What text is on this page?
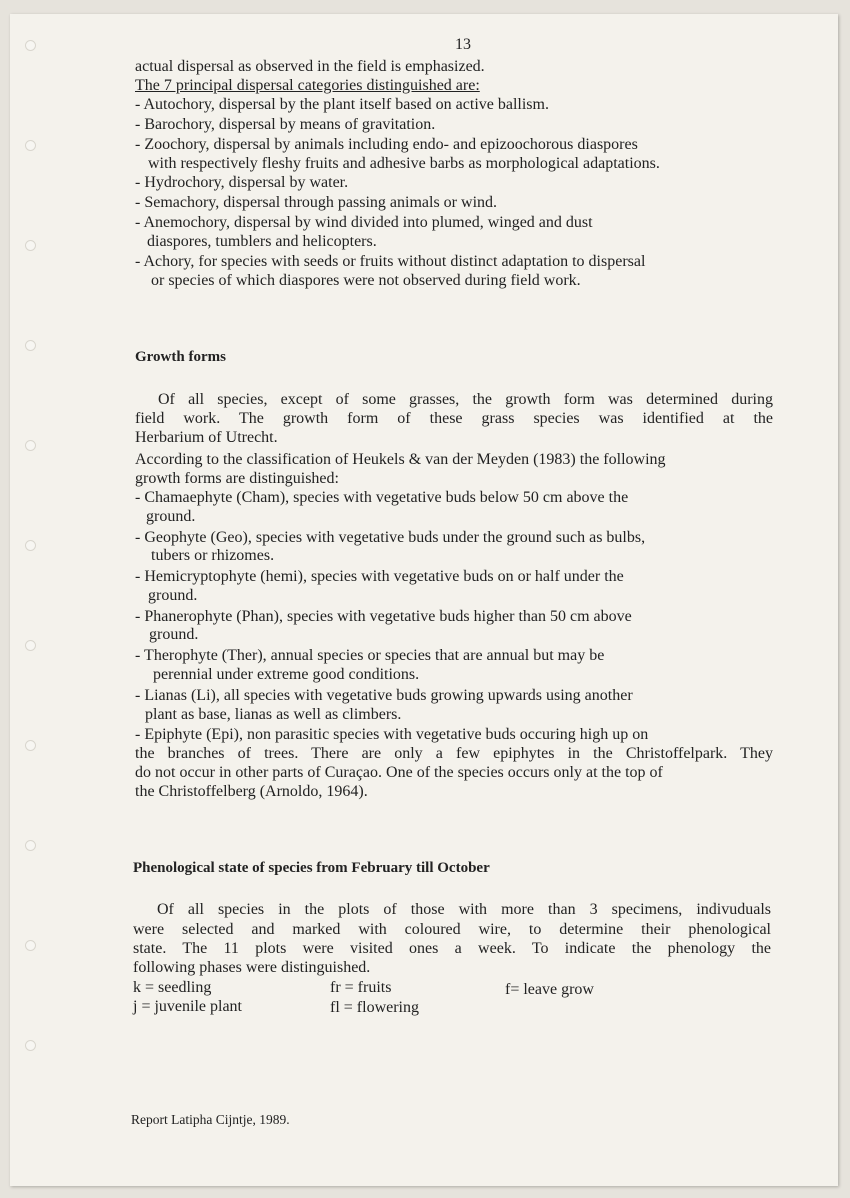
13
actual dispersal as observed in the field is emphasized.
The 7 principal dispersal categories distinguished are:
- Autochory, dispersal by the plant itself based on active ballism.
- Barochory, dispersal by means of gravitation.
- Zoochory, dispersal by animals including endo- and epizoochorous diaspores
with respectively fleshy fruits and adhesive barbs as morphological adaptations.
- Hydrochory, dispersal by water.
- Semachory, dispersal through passing animals or wind.
- Anemochory, dispersal by wind divided into plumed, winged and dust
diaspores, tumblers and helicopters.
- Achory, for species with seeds or fruits without distinct adaptation to dispersal
or species of which diaspores were not observed during field work.
Growth forms
Of all species, except of some grasses, the growth form was determined during
field work. The growth form of these grass species was identified at the
Herbarium of Utrecht.
According to the classification of Heukels & van der Meyden (1983) the following
growth forms are distinguished:
- Chamaephyte (Cham), species with vegetative buds below 50 cm above the
ground.
- Geophyte (Geo), species with vegetative buds under the ground such as bulbs,
tubers or rhizomes.
- Hemicryptophyte (hemi), species with vegetative buds on or half under the
ground.
- Phanerophyte (Phan), species with vegetative buds higher than 50 cm above
ground.
- Therophyte (Ther), annual species or species that are annual but may be
perennial under extreme good conditions.
- Lianas (Li), all species with vegetative buds growing upwards using another
plant as base, lianas as well as climbers.
- Epiphyte (Epi), non parasitic species with vegetative buds occuring high up on
the branches of trees. There are only a few epiphytes in the Christoffelpark. They
do not occur in other parts of Curaçao. One of the species occurs only at the top of
the Christoffelberg (Arnoldo, 1964).
Phenological state of species from February till October
Of all species in the plots of those with more than 3 specimens, indivuduals
were selected and marked with coloured wire, to determine their phenological
state. The 11 plots were visited ones a week. To indicate the phenology the
following phases were distinguished.
k = seedling	fr = fruits	f= leave grow
j = juvenile plant	fl = flowering
Report Latipha Cijntje, 1989.
